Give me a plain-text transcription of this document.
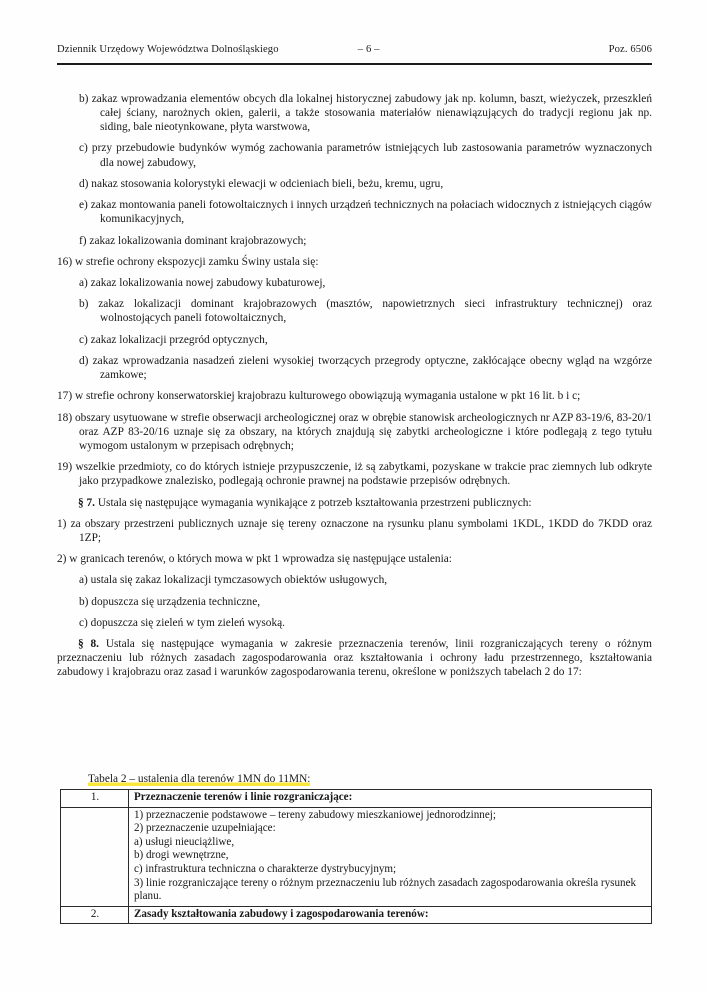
Dziennik Urzędowy Województwa Dolnośląskiego	– 6 –	Poz. 6506

b) zakaz wprowadzania elementów obcych dla lokalnej historycznej zabudowy jak np. kolumn, baszt, wieżyczek, przeszkleń całej ściany, narożnych okien, galerii, a także stosowania materiałów nienawiązujących do tradycji regionu jak np. siding, bale nieotynkowane, płyta warstwowa,

c) przy przebudowie budynków wymóg zachowania parametrów istniejących lub zastosowania parametrów wyznaczonych dla nowej zabudowy,

d) nakaz stosowania kolorystyki elewacji w odcieniach bieli, beżu, kremu, ugru,

e) zakaz montowania paneli fotowoltaicznych i innych urządzeń technicznych na połaciach widocznych z istniejących ciągów komunikacyjnych,

f) zakaz lokalizowania dominant krajobrazowych;

16) w strefie ochrony ekspozycji zamku Świny ustala się:

a) zakaz lokalizowania nowej zabudowy kubaturowej,

b) zakaz lokalizacji dominant krajobrazowych (masztów, napowietrznych sieci infrastruktury technicznej) oraz wolnostojących paneli fotowoltaicznych,

c) zakaz lokalizacji przegród optycznych,

d) zakaz wprowadzania nasadzeń zieleni wysokiej tworzących przegrody optyczne, zakłócające obecny wgląd na wzgórze zamkowe;

17) w strefie ochrony konserwatorskiej krajobrazu kulturowego obowiązują wymagania ustalone w pkt 16 lit. b i c;

18) obszary usytuowane w strefie obserwacji archeologicznej oraz w obrębie stanowisk archeologicznych nr AZP 83-19/6, 83-20/1 oraz AZP 83-20/16 uznaje się za obszary, na których znajdują się zabytki archeologiczne i które podlegają z tego tytułu wymogom ustalonym w przepisach odrębnych;

19) wszelkie przedmioty, co do których istnieje przypuszczenie, iż są zabytkami, pozyskane w trakcie prac ziemnych lub odkryte jako przypadkowe znalezisko, podlegają ochronie prawnej na podstawie przepisów odrębnych.

§ 7. Ustala się następujące wymagania wynikające z potrzeb kształtowania przestrzeni publicznych:

1) za obszary przestrzeni publicznych uznaje się tereny oznaczone na rysunku planu symbolami 1KDL, 1KDD do 7KDD oraz 1ZP;

2) w granicach terenów, o których mowa w pkt 1 wprowadza się następujące ustalenia:

a) ustala się zakaz lokalizacji tymczasowych obiektów usługowych,

b) dopuszcza się urządzenia techniczne,

c) dopuszcza się zieleń w tym zieleń wysoką.

§ 8. Ustala się następujące wymagania w zakresie przeznaczenia terenów, linii rozgraniczających tereny o różnym przeznaczeniu lub różnych zasadach zagospodarowania oraz kształtowania i ochrony ładu przestrzennego, kształtowania zabudowy i krajobrazu oraz zasad i warunków zagospodarowania terenu, określone w poniższych tabelach 2 do 17:

Tabela 2 – ustalenia dla terenów 1MN do 11MN:
1.	Przeznaczenie terenów i linie rozgraniczające:

1) przeznaczenie podstawowe – tereny zabudowy mieszkaniowej jednorodzinnej;
2) przeznaczenie uzupełniające:
a) usługi nieuciążliwe,
b) drogi wewnętrzne,
c) infrastruktura techniczna o charakterze dystrybucyjnym;
3) linie rozgraniczające tereny o różnym przeznaczeniu lub różnych zasadach zagospodarowania określa rysunek planu.

2.	Zasady kształtowania zabudowy i zagospodarowania terenów:
